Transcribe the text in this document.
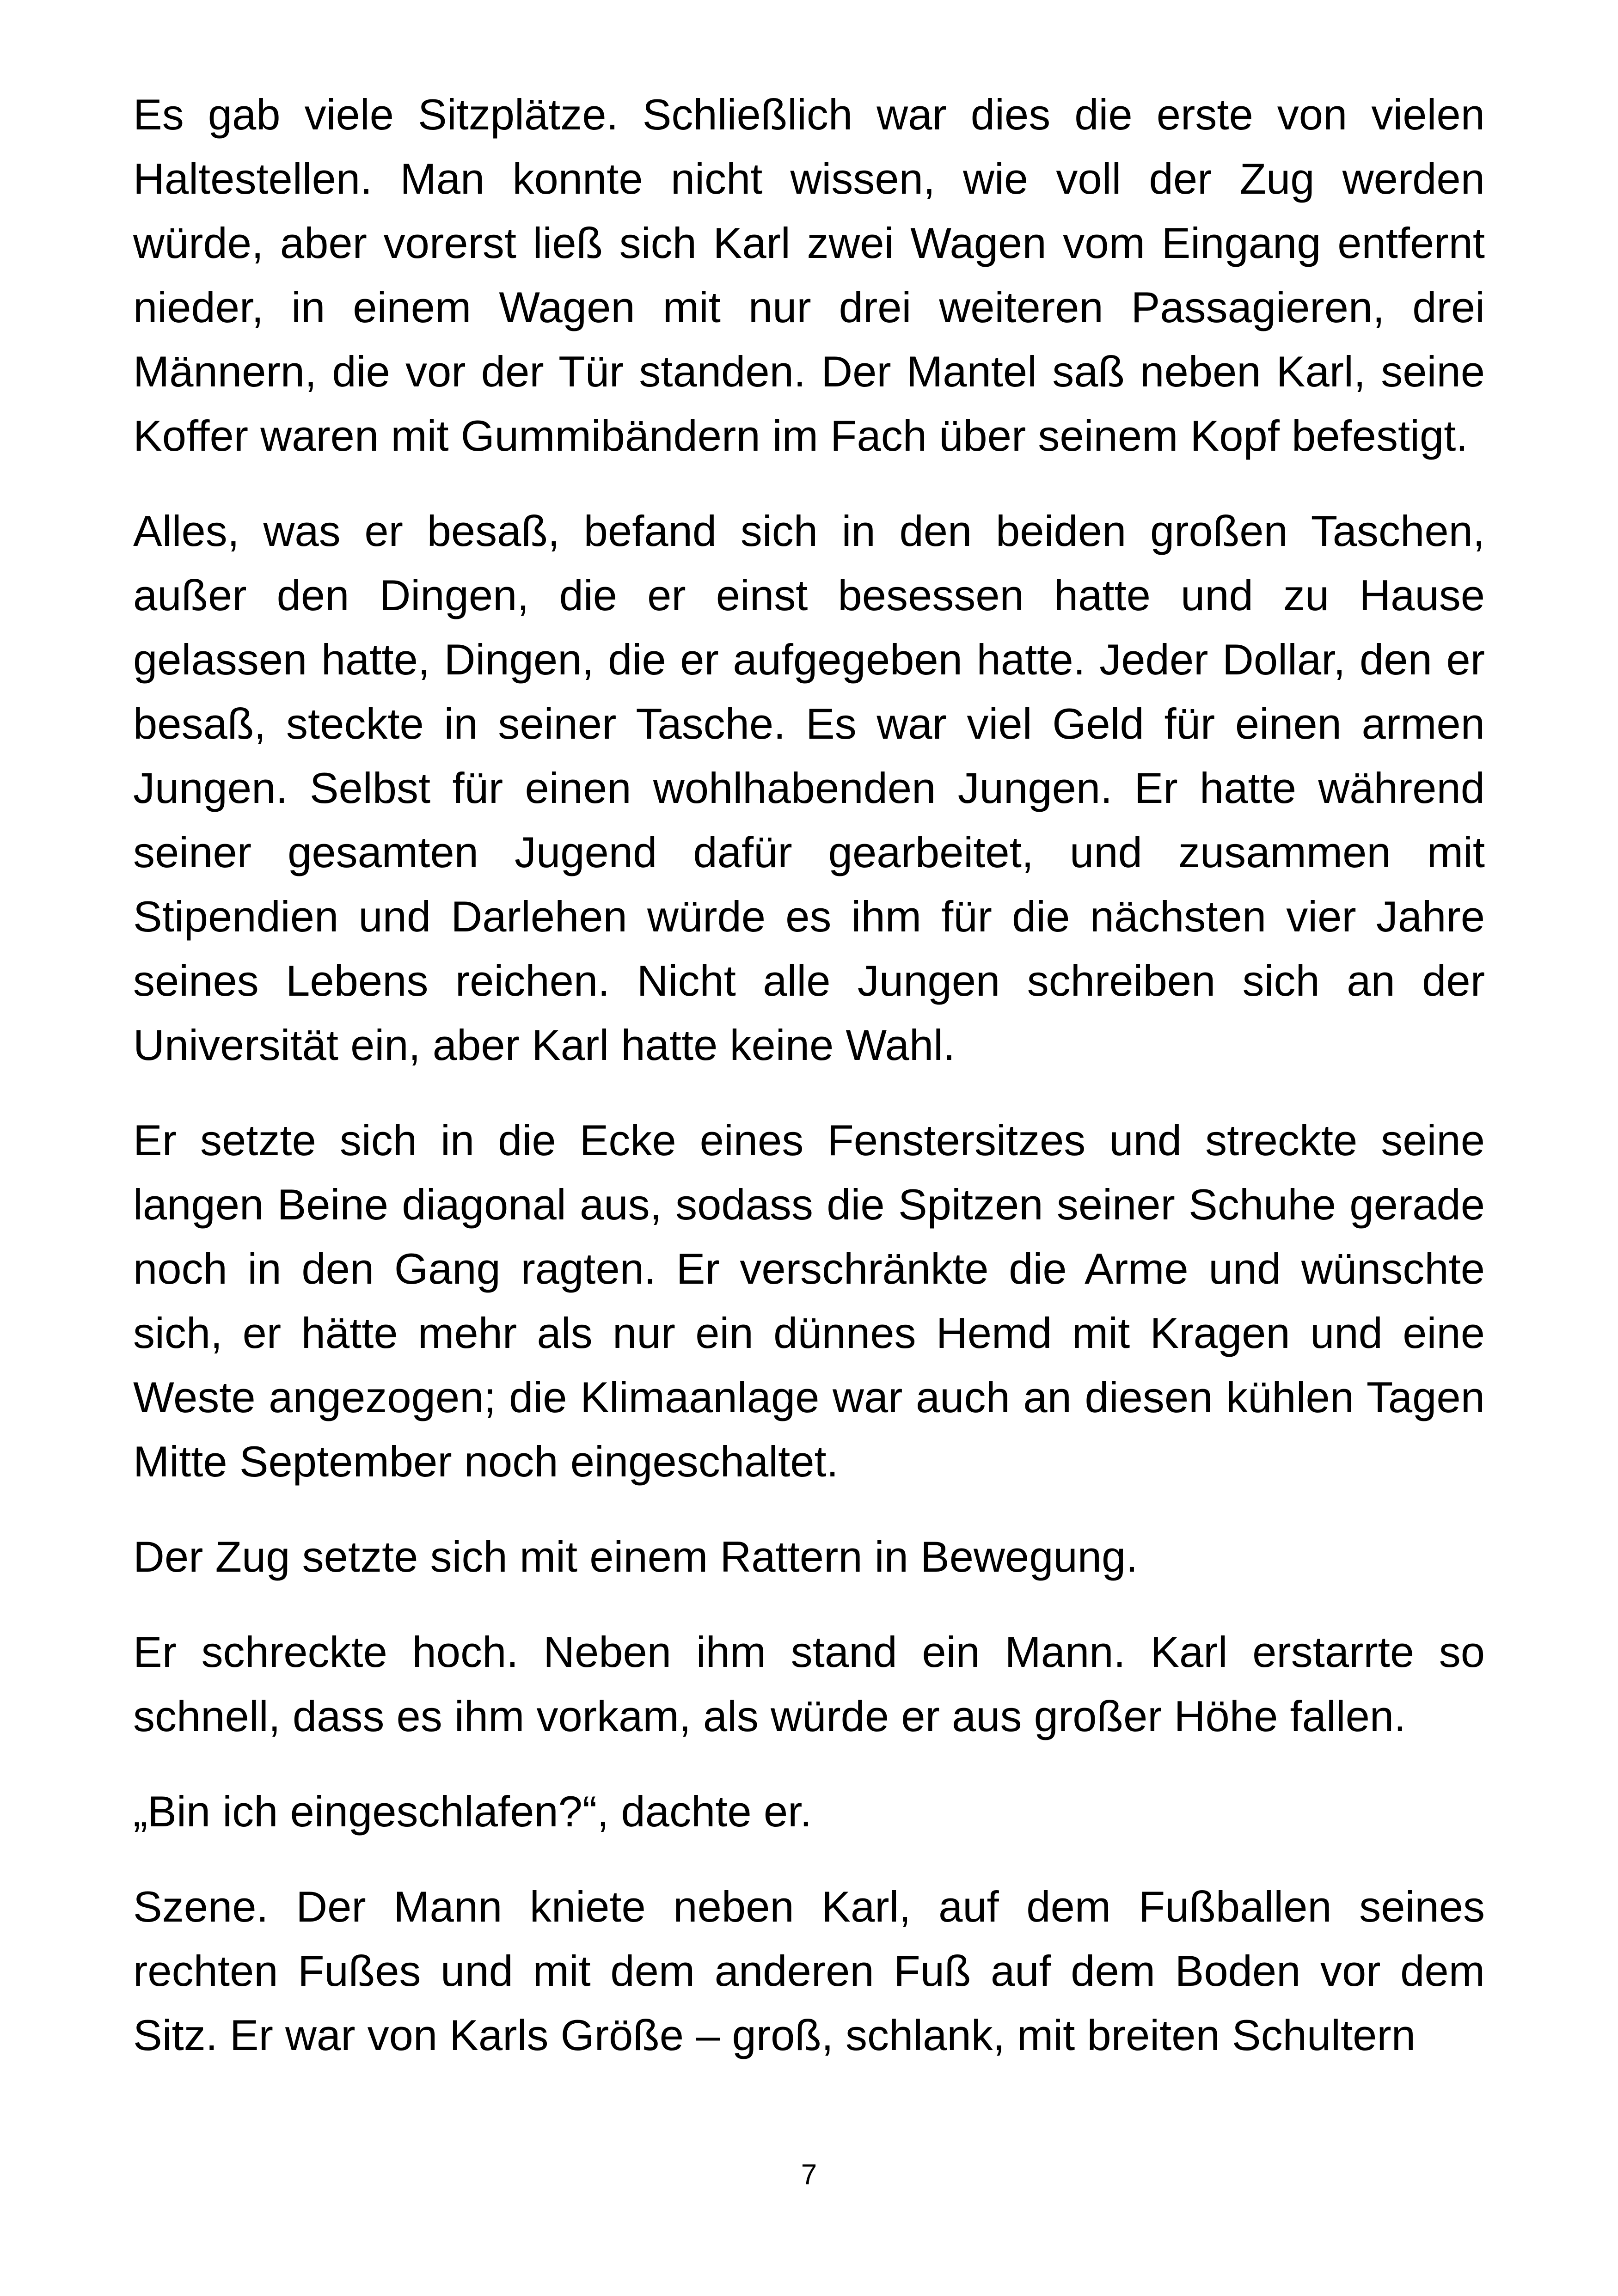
Es gab viele Sitzplätze. Schließlich war dies die erste von vielen Haltestellen. Man konnte nicht wissen, wie voll der Zug werden würde, aber vorerst ließ sich Karl zwei Wagen vom Eingang entfernt nieder, in einem Wagen mit nur drei weiteren Passagieren, drei Männern, die vor der Tür standen. Der Mantel saß neben Karl, seine Koffer waren mit Gummibändern im Fach über seinem Kopf befestigt.

Alles, was er besaß, befand sich in den beiden großen Taschen, außer den Dingen, die er einst besessen hatte und zu Hause gelassen hatte, Dingen, die er aufgegeben hatte. Jeder Dollar, den er besaß, steckte in seiner Tasche. Es war viel Geld für einen armen Jungen. Selbst für einen wohlhabenden Jungen. Er hatte während seiner gesamten Jugend dafür gearbeitet, und zusammen mit Stipendien und Darlehen würde es ihm für die nächsten vier Jahre seines Lebens reichen. Nicht alle Jungen schreiben sich an der Universität ein, aber Karl hatte keine Wahl.

Er setzte sich in die Ecke eines Fenstersitzes und streckte seine langen Beine diagonal aus, sodass die Spitzen seiner Schuhe gerade noch in den Gang ragten. Er verschränkte die Arme und wünschte sich, er hätte mehr als nur ein dünnes Hemd mit Kragen und eine Weste angezogen; die Klimaanlage war auch an diesen kühlen Tagen Mitte September noch eingeschaltet.

Der Zug setzte sich mit einem Rattern in Bewegung.

Er schreckte hoch. Neben ihm stand ein Mann. Karl erstarrte so schnell, dass es ihm vorkam, als würde er aus großer Höhe fallen.

„Bin ich eingeschlafen?“, dachte er.

Szene. Der Mann kniete neben Karl, auf dem Fußballen seines rechten Fußes und mit dem anderen Fuß auf dem Boden vor dem Sitz. Er war von Karls Größe – groß, schlank, mit breiten Schultern

7
